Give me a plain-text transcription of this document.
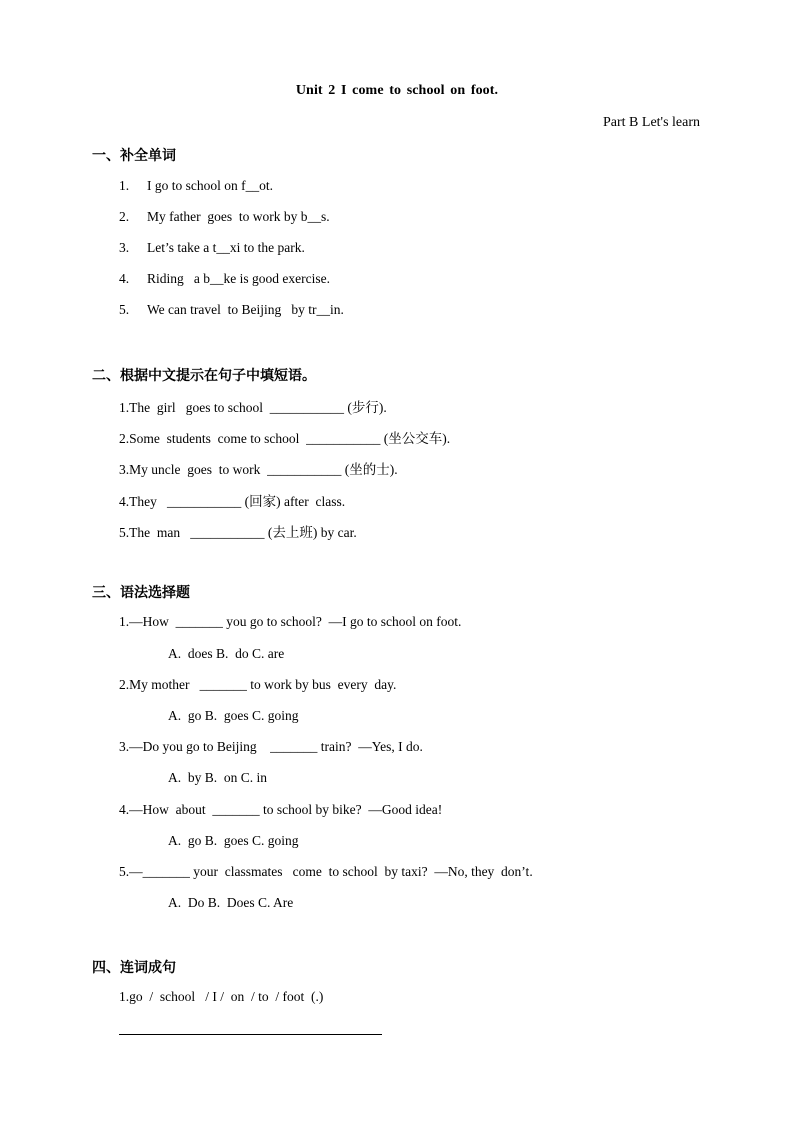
Unit 2 I come to school on foot.
Part B Let's learn
一、补全单词
1. I go to school on f__ot.
2. My father  goes  to work by b__s.
3. Let’s take a t__xi to the park.
4. Riding   a b__ke is good exercise.
5. We can travel  to Beijing   by tr__in.
二、根据中文提示在句子中填短语。
1.The  girl   goes to school  ___________ (步行).
2.Some  students  come to school  ___________ (坐公交车).
3.My uncle  goes  to work  ___________ (坐的士).
4.They   ___________ (回家) after  class.
5.The  man   ___________ (去上班) by car.
三、语法选择题
1.—How  _______ you go to school?  —I go to school on foot.
A.  does B.  do C. are
2.My mother   _______ to work by bus  every  day.
A.  go B.  goes C. going
3.—Do you go to Beijing    _______ train?  —Yes, I do.
A.  by B.  on C. in
4.—How  about  _______ to school by bike?  —Good idea!
A.  go B.  goes C. going
5.—_______ your  classmates   come  to school  by taxi?  —No, they  don’t.
A.  Do B.  Does C. Are
四、连词成句
1.go  /  school   / I /  on  / to  / foot  (.)
